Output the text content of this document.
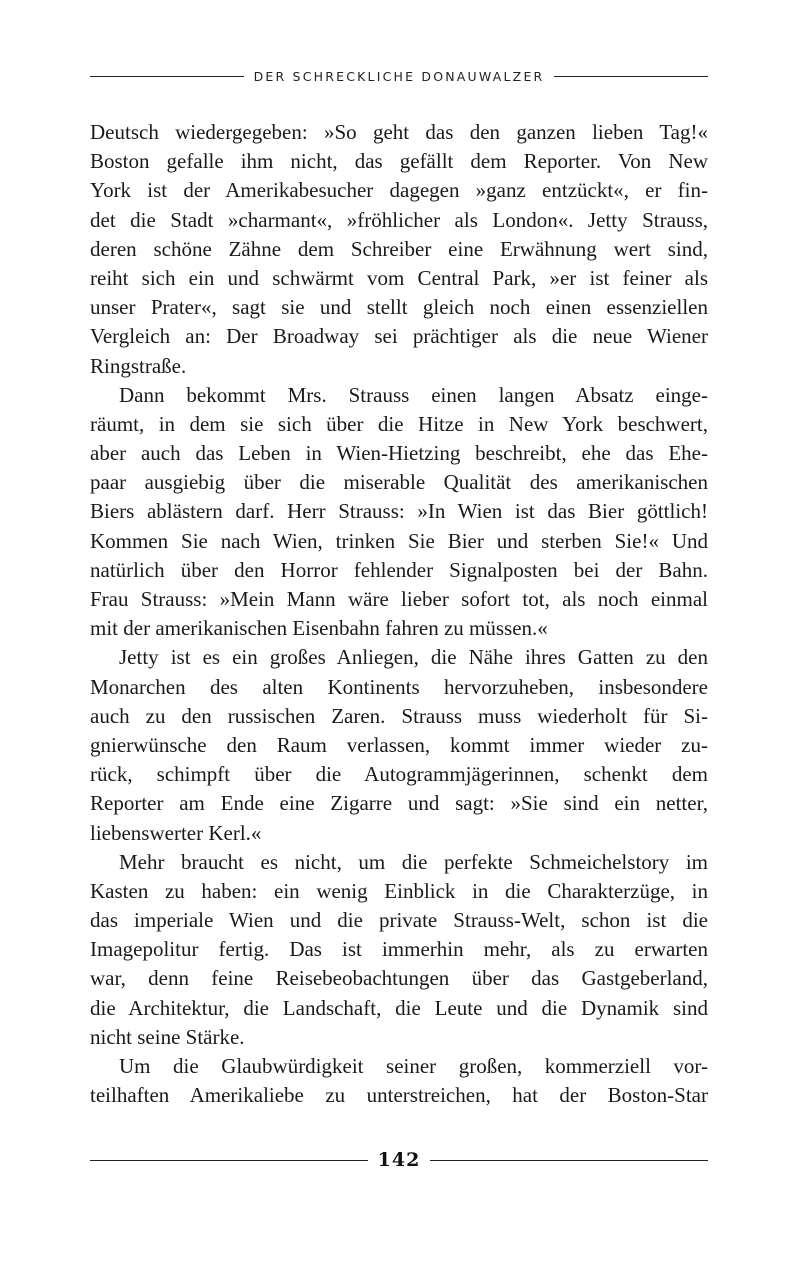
DER SCHRECKLICHE DONAUWALZER
Deutsch wiedergegeben: »So geht das den ganzen lieben Tag!«
Boston gefalle ihm nicht, das gefällt dem Reporter. Von New
York ist der Amerikabesucher dagegen »ganz entzückt«, er fin-
det die Stadt »charmant«, »fröhlicher als London«. Jetty Strauss,
deren schöne Zähne dem Schreiber eine Erwähnung wert sind,
reiht sich ein und schwärmt vom Central Park, »er ist feiner als
unser Prater«, sagt sie und stellt gleich noch einen essenziellen
Vergleich an: Der Broadway sei prächtiger als die neue Wiener
Ringstraße.
Dann bekommt Mrs. Strauss einen langen Absatz einge-
räumt, in dem sie sich über die Hitze in New York beschwert,
aber auch das Leben in Wien-Hietzing beschreibt, ehe das Ehe-
paar ausgiebig über die miserable Qualität des amerikanischen
Biers ablästern darf. Herr Strauss: »In Wien ist das Bier göttlich!
Kommen Sie nach Wien, trinken Sie Bier und sterben Sie!« Und
natürlich über den Horror fehlender Signalposten bei der Bahn.
Frau Strauss: »Mein Mann wäre lieber sofort tot, als noch einmal
mit der amerikanischen Eisenbahn fahren zu müssen.«
Jetty ist es ein großes Anliegen, die Nähe ihres Gatten zu den
Monarchen des alten Kontinents hervorzuheben, insbesondere
auch zu den russischen Zaren. Strauss muss wiederholt für Si-
gnierwünsche den Raum verlassen, kommt immer wieder zu-
rück, schimpft über die Autogrammjägerinnen, schenkt dem
Reporter am Ende eine Zigarre und sagt: »Sie sind ein netter,
liebenswerter Kerl.«
Mehr braucht es nicht, um die perfekte Schmeichelstory im
Kasten zu haben: ein wenig Einblick in die Charakterzüge, in
das imperiale Wien und die private Strauss-Welt, schon ist die
Imagepolitur fertig. Das ist immerhin mehr, als zu erwarten
war, denn feine Reisebeobachtungen über das Gastgeberland,
die Architektur, die Landschaft, die Leute und die Dynamik sind
nicht seine Stärke.
Um die Glaubwürdigkeit seiner großen, kommerziell vor-
teilhaften Amerikaliebe zu unterstreichen, hat der Boston-Star
142
